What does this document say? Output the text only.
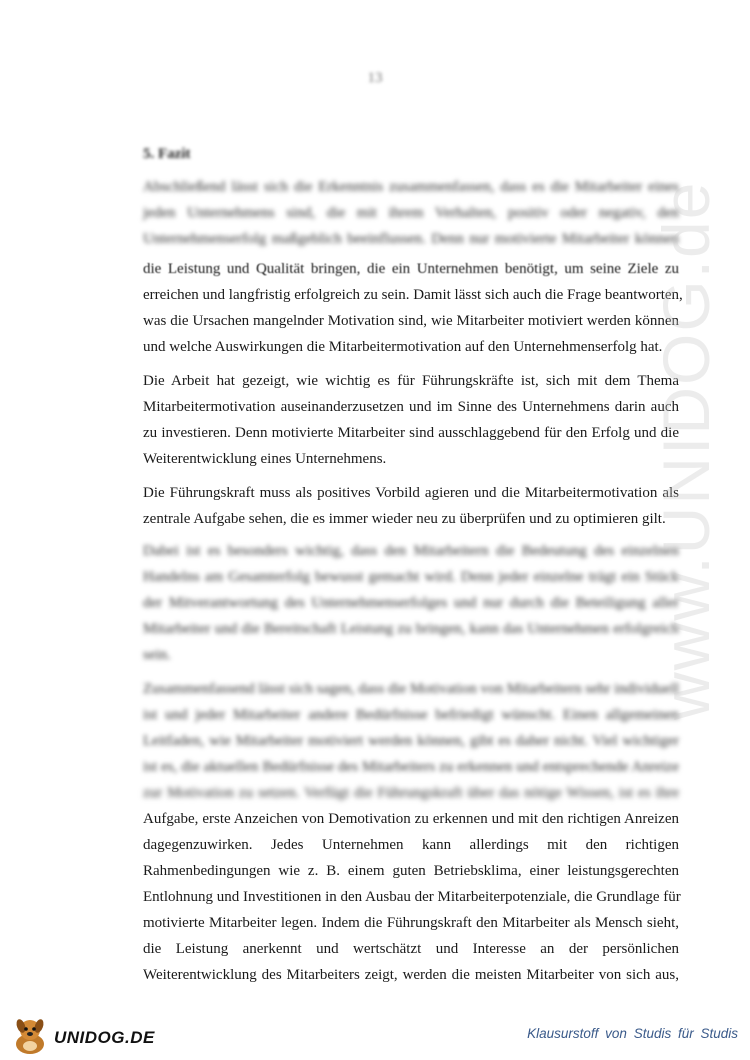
13
5. Fazit
Abschließend lässt sich die Erkenntnis zusammenfassen, dass es die Mitarbeiter eines
jeden Unternehmens sind, die mit ihrem Verhalten, positiv oder negativ, den
Unternehmenserfolg maßgeblich beeinflussen. Denn nur motivierte Mitarbeiter können
die Leistung und Qualität bringen, die ein Unternehmen benötigt, um seine Ziele zu
erreichen und langfristig erfolgreich zu sein. Damit lässt sich auch die Frage beantworten,
was die Ursachen mangelnder Motivation sind, wie Mitarbeiter motiviert werden können
und welche Auswirkungen die Mitarbeitermotivation auf den Unternehmenserfolg hat.
Die Arbeit hat gezeigt, wie wichtig es für Führungskräfte ist, sich mit dem Thema
Mitarbeitermotivation auseinanderzusetzen und im Sinne des Unternehmens darin auch
zu investieren. Denn motivierte Mitarbeiter sind ausschlaggebend für den Erfolg und die
Weiterentwicklung eines Unternehmens.
Die Führungskraft muss als positives Vorbild agieren und die Mitarbeitermotivation als
zentrale Aufgabe sehen, die es immer wieder neu zu überprüfen und zu optimieren gilt.
Dabei ist es besonders wichtig, dass den Mitarbeitern die Bedeutung des einzelnen
Handelns am Gesamterfolg bewusst gemacht wird. Denn jeder einzelne trägt ein Stück
der Mitverantwortung des Unternehmenserfolges und nur durch die Beteiligung aller
Mitarbeiter und die Bereitschaft Leistung zu bringen, kann das Unternehmen erfolgreich
sein.
Zusammenfassend lässt sich sagen, dass die Motivation von Mitarbeitern sehr individuell
ist und jeder Mitarbeiter andere Bedürfnisse befriedigt wünscht. Einen allgemeinen
Leitfaden, wie Mitarbeiter motiviert werden können, gibt es daher nicht. Viel wichtiger
ist es, die aktuellen Bedürfnisse des Mitarbeiters zu erkennen und entsprechende Anreize
zur Motivation zu setzen. Verfügt die Führungskraft über das nötige Wissen, ist es ihre
Aufgabe, erste Anzeichen von Demotivation zu erkennen und mit den richtigen Anreizen
dagegenzuwirken. Jedes Unternehmen kann allerdings mit den richtigen
Rahmenbedingungen wie z. B. einem guten Betriebsklima, einer leistungsgerechten
Entlohnung und Investitionen in den Ausbau der Mitarbeiterpotenziale, die Grundlage für
motivierte Mitarbeiter legen. Indem die Führungskraft den Mitarbeiter als Mensch sieht,
die Leistung anerkennt und wertschätzt und Interesse an der persönlichen
Weiterentwicklung des Mitarbeiters zeigt, werden die meisten Mitarbeiter von sich aus,
www.UNIDOG.de
UNIDOG.DE	Klausurstoff von Studis für Studis
